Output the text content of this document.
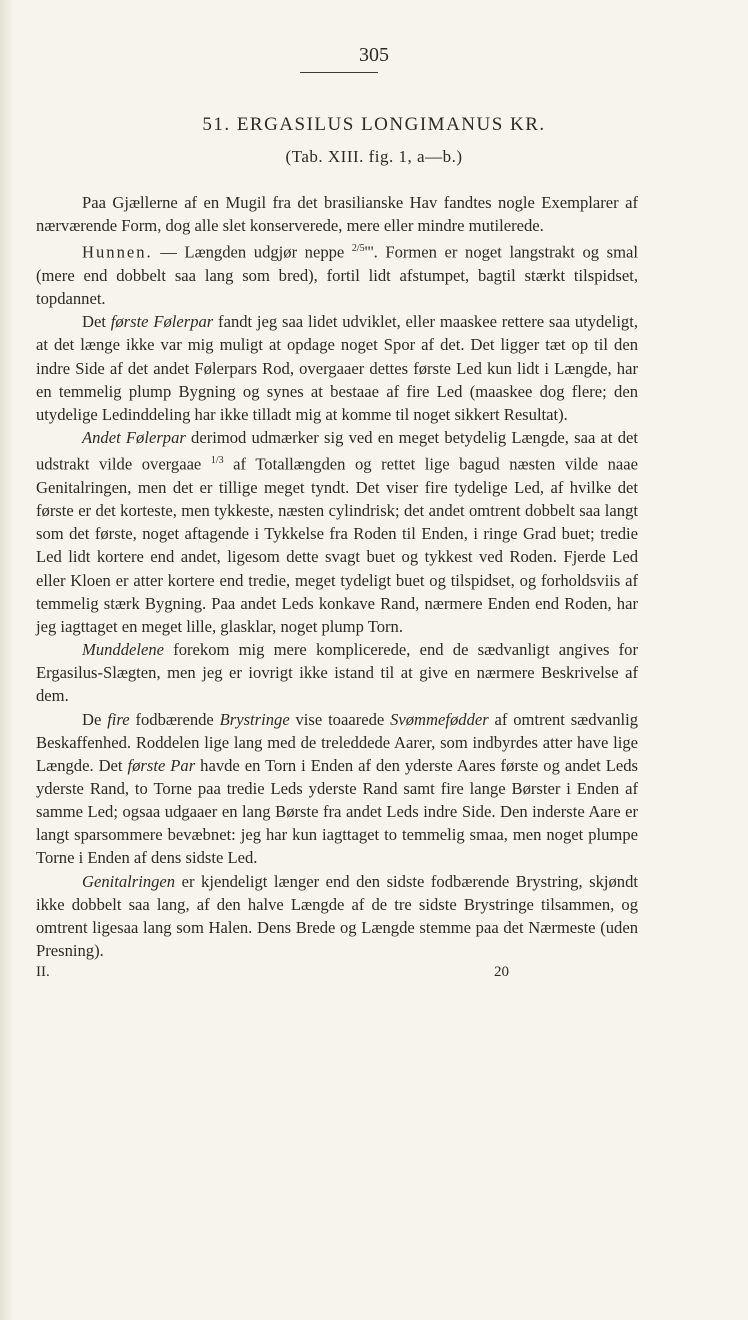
305
51. ERGASILUS LONGIMANUS KR.
(Tab. XIII. fig. 1, a—b.)

Paa Gjællerne af en Mugil fra det brasilianske Hav fandtes nogle Exemplarer af nærværende Form, dog alle slet konserverede, mere eller mindre mutilerede.

Hunnen. — Længden udgjør neppe $^{2/5}$'''. Formen er noget langstrakt og smal (mere end dobbelt saa lang som bred), fortil lidt afstumpet, bagtil stærkt tilspidset, topdannet.

Det første Følerpar fandt jeg saa lidet udviklet, eller maaskee rettere saa utydeligt, at det længe ikke var mig muligt at opdage noget Spor af det. Det ligger tæt op til den indre Side af det andet Følerpars Rod, overgaaer dettes første Led kun lidt i Længde, har en temmelig plump Bygning og synes at bestaae af fire Led (maaskee dog flere; den utydelige Ledinddeling har ikke tilladt mig at komme til noget sikkert Resultat).

Andet Følerpar derimod udmærker sig ved en meget betydelig Længde, saa at det udstrakt vilde overgaae $^{1/3}$ af Totallængden og rettet lige bagud næsten vilde naae Genitalringen, men det er tillige meget tyndt. Det viser fire tydelige Led, af hvilke det første er det korteste, men tykkeste, næsten cylindrisk; det andet omtrent dobbelt saa langt som det første, noget aftagende i Tykkelse fra Roden til Enden, i ringe Grad buet; tredie Led lidt kortere end andet, ligesom dette svagt buet og tykkest ved Roden. Fjerde Led eller Kloen er atter kortere end tredie, meget tydeligt buet og tilspidset, og forholdsviis af temmelig stærk Bygning. Paa andet Leds konkave Rand, nærmere Enden end Roden, har jeg iagttaget en meget lille, glasklar, noget plump Torn.

Munddelene forekom mig mere komplicerede, end de sædvanligt angives for Ergasilus-Slægten, men jeg er iovrigt ikke istand til at give en nærmere Beskrivelse af dem.

De fire fodbærende Brystringe vise toaarede Svømmefødder af omtrent sædvanlig Beskaffenhed. Roddelen lige lang med de treleddede Aarer, som indbyrdes atter have lige Længde. Det første Par havde en Torn i Enden af den yderste Aares første og andet Leds yderste Rand, to Torne paa tredie Leds yderste Rand samt fire lange Børster i Enden af samme Led; ogsaa udgaaer en lang Børste fra andet Leds indre Side. Den inderste Aare er langt sparsommere bevæbnet: jeg har kun iagttaget to temmelig smaa, men noget plumpe Torne i Enden af dens sidste Led.

Genitalringen er kjendeligt længer end den sidste fodbærende Brystring, skjøndt ikke dobbelt saa lang, af den halve Længde af de tre sidste Brystringe tilsammen, og omtrent ligesaa lang som Halen. Dens Brede og Længde stemme paa det Nærmeste (uden Presning).

II.	20
